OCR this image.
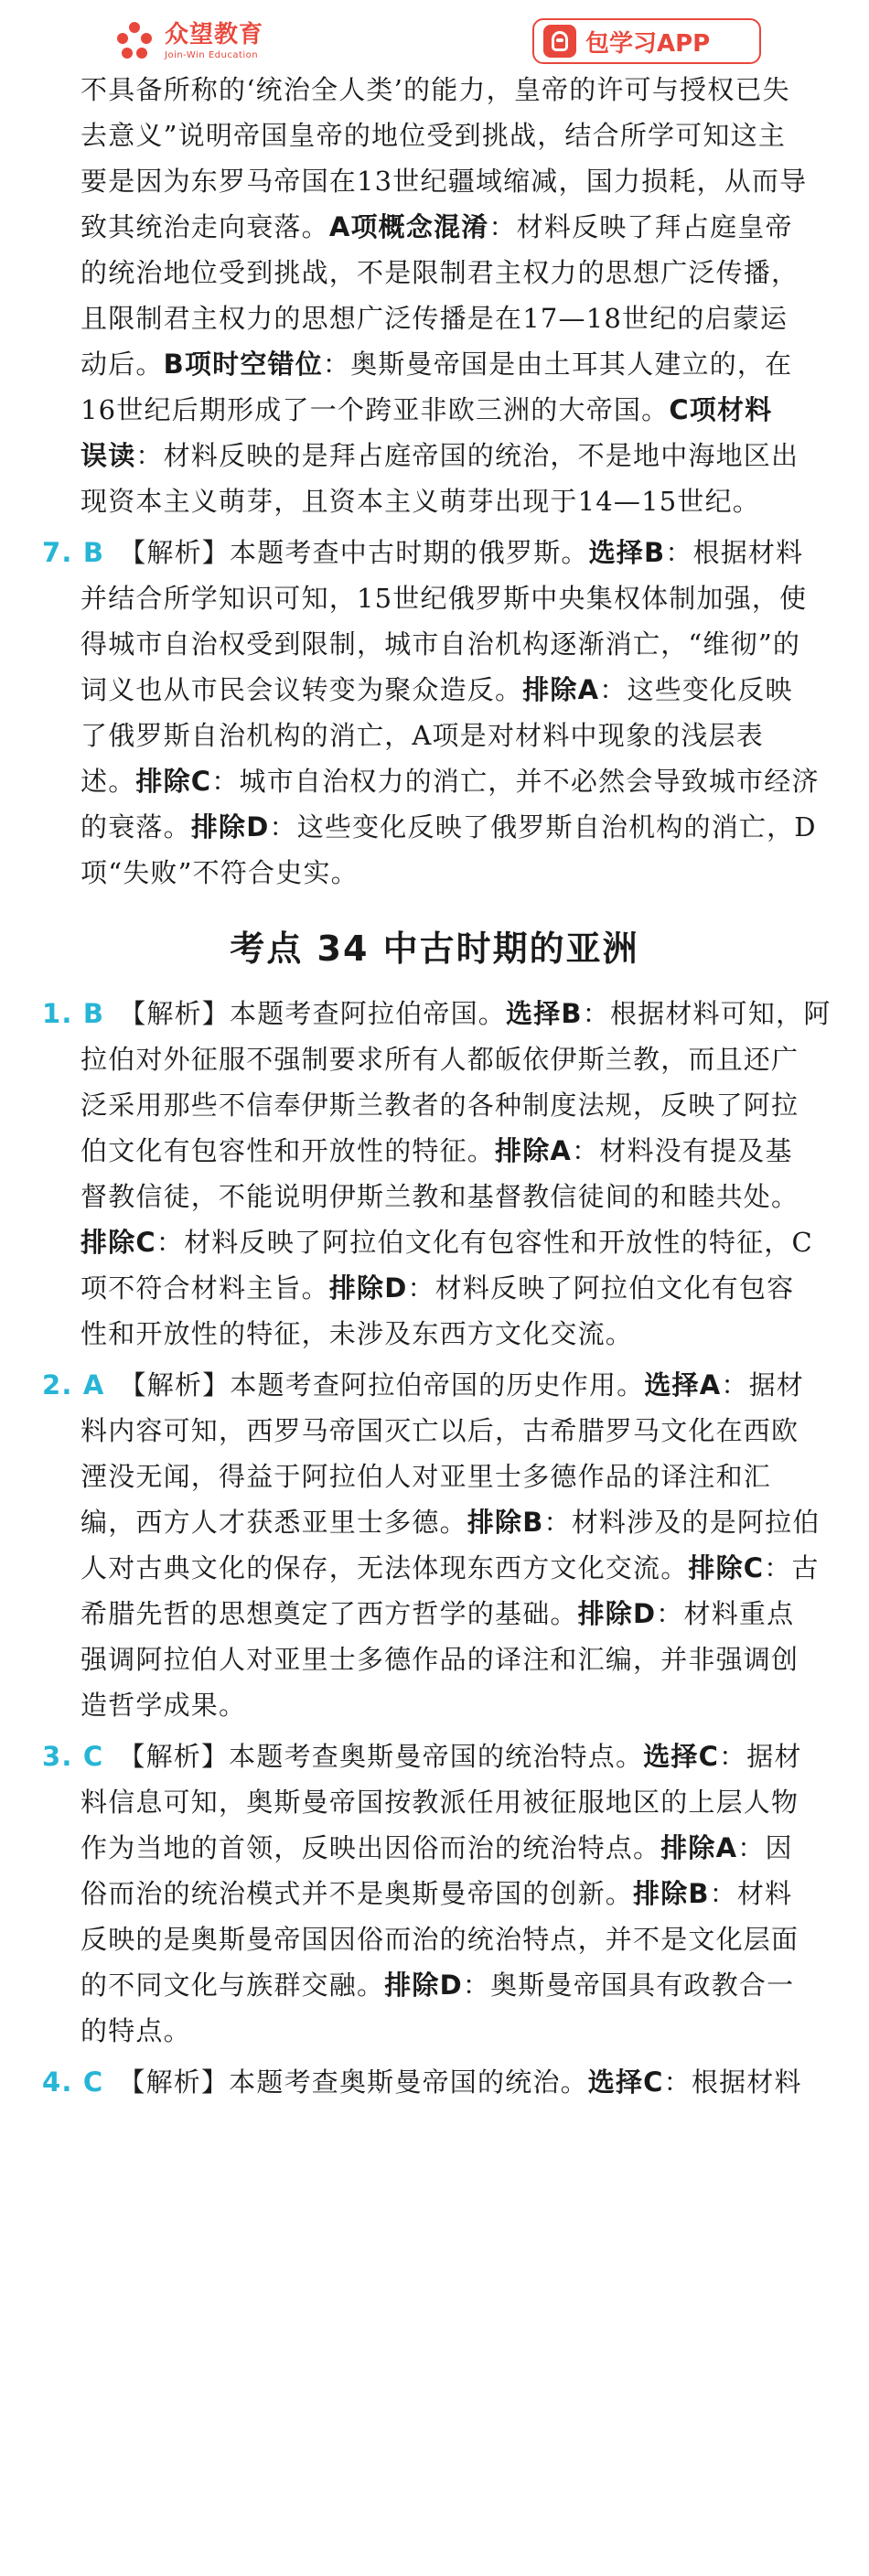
众望教育
Join-Win Education	包学习APP
不具备所称的‘统治全人类’的能力，皇帝的许可与授权已失
去意义”说明帝国皇帝的地位受到挑战，结合所学可知这主
要是因为东罗马帝国在13世纪疆域缩减，国力损耗，从而导
致其统治走向衰落。A项概念混淆：材料反映了拜占庭皇帝
的统治地位受到挑战，不是限制君主权力的思想广泛传播，
且限制君主权力的思想广泛传播是在17—18世纪的启蒙运
动后。B项时空错位：奥斯曼帝国是由土耳其人建立的，在
16世纪后期形成了一个跨亚非欧三洲的大帝国。C项材料
误读：材料反映的是拜占庭帝国的统治，不是地中海地区出
现资本主义萌芽，且资本主义萌芽出现于14—15世纪。
7. B 【解析】本题考查中古时期的俄罗斯。选择B：根据材料
并结合所学知识可知，15世纪俄罗斯中央集权体制加强，使
得城市自治权受到限制，城市自治机构逐渐消亡，“维彻”的
词义也从市民会议转变为聚众造反。排除A：这些变化反映
了俄罗斯自治机构的消亡，A项是对材料中现象的浅层表
述。排除C：城市自治权力的消亡，并不必然会导致城市经济
的衰落。排除D：这些变化反映了俄罗斯自治机构的消亡，D
项“失败”不符合史实。
考点 34 中古时期的亚洲
1. B 【解析】本题考查阿拉伯帝国。选择B：根据材料可知，阿
拉伯对外征服不强制要求所有人都皈依伊斯兰教，而且还广
泛采用那些不信奉伊斯兰教者的各种制度法规，反映了阿拉
伯文化有包容性和开放性的特征。排除A：材料没有提及基
督教信徒，不能说明伊斯兰教和基督教信徒间的和睦共处。
排除C：材料反映了阿拉伯文化有包容性和开放性的特征，C
项不符合材料主旨。排除D：材料反映了阿拉伯文化有包容
性和开放性的特征，未涉及东西方文化交流。
2. A 【解析】本题考查阿拉伯帝国的历史作用。选择A：据材
料内容可知，西罗马帝国灭亡以后，古希腊罗马文化在西欧
湮没无闻，得益于阿拉伯人对亚里士多德作品的译注和汇
编，西方人才获悉亚里士多德。排除B：材料涉及的是阿拉伯
人对古典文化的保存，无法体现东西方文化交流。排除C：古
希腊先哲的思想奠定了西方哲学的基础。排除D：材料重点
强调阿拉伯人对亚里士多德作品的译注和汇编，并非强调创
造哲学成果。
3. C 【解析】本题考查奥斯曼帝国的统治特点。选择C：据材
料信息可知，奥斯曼帝国按教派任用被征服地区的上层人物
作为当地的首领，反映出因俗而治的统治特点。排除A：因
俗而治的统治模式并不是奥斯曼帝国的创新。排除B：材料
反映的是奥斯曼帝国因俗而治的统治特点，并不是文化层面
的不同文化与族群交融。排除D：奥斯曼帝国具有政教合一
的特点。
4. C 【解析】本题考查奥斯曼帝国的统治。选择C：根据材料
